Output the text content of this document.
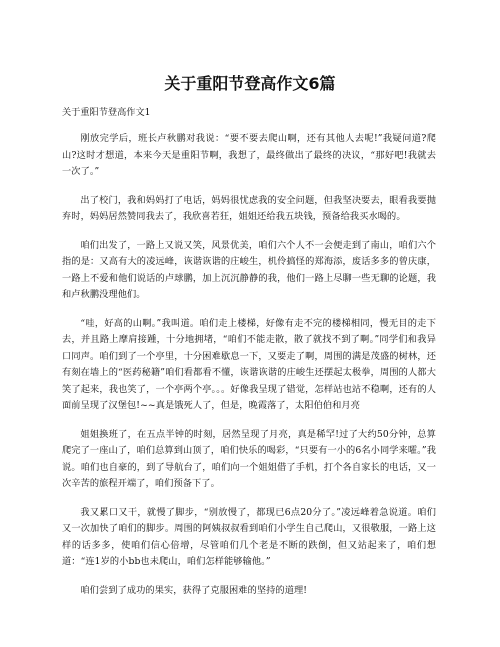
关于重阳节登高作文6篇
关于重阳节登高作文1

刚放完学后，班长卢秋鹏对我说：“要不要去爬山啊，还有其他人去呢!”我疑问道?爬山?这时才想道，本来今天是重阳节啊，我想了，最终做出了最终的决议，“那好吧!我就去一次了。”

出了校门，我和妈妈打了电话，妈妈很忧虑我的安全问题，但我坚决要去，眼看我要抛弃时，妈妈居然赞同我去了，我欣喜若狂，姐姐还给我五块钱，预备给我买水喝的。

咱们出发了，一路上又说又笑，风景优美，咱们六个人不一会便走到了南山，咱们六个指的是：又高有大的凌远峰，诙谐诙谐的庄峻生，机伶搞怪的郑海添，废话多多的曾庆康，一路上不爱和他们说话的卢球鹏，加上沉沉静静的我，他们一路上尽聊一些无聊的论题，我和卢秋鹏没理他们。

“哇，好高的山啊。”我叫道。咱们走上楼梯，好像有走不完的楼梯相同，慢无目的走下去，并且路上摩肩接踵，十分地拥堵，“咱们不能走散，散了就找不到了啊。”同学们和我异口同声。咱们到了一个亭里，十分困难歇息一下，又要走了啊，周围的满是茂盛的树林，还有刻在墙上的“医药秘籍”咱们看都看不懂，诙谐诙谐的庄峻生还摆起太极拳，周围的人都大笑了起来，我也笑了，一个亭两个亭。。。好像我呈现了错觉，怎样站也站不稳啊，还有的人面前呈现了汉堡包!~~真是饿死人了，但是，晚霞落了，太阳伯伯和月亮

姐姐换班了，在五点半钟的时刻，居然呈现了月亮，真是稀罕!过了大约50分钟，总算爬完了一座山了，咱们总算到山顶了，咱们快乐的喝彩，“只要有一小的6名小同学来嚯。”我说。咱们也自豪的，到了导航台了，咱们向一个姐姐借了手机，打个各自家长的电话，又一次辛苦的旅程开端了，咱们预备下了。

我又累口又干，就慢了脚步，“别放慢了，都现已6点20分了。”凌远峰着急说道。咱们又一次加快了咱们的脚步。周围的阿姨叔叔看到咱们小学生自己爬山，又很敬服，一路上这样的话多多，使咱们信心倍增，尽管咱们几个老是不断的跌倒，但又站起来了，咱们想道：“连1岁的小bb也未爬山，咱们怎样能够输他。”

咱们尝到了成功的果实，获得了克服困难的坚持的道理!
